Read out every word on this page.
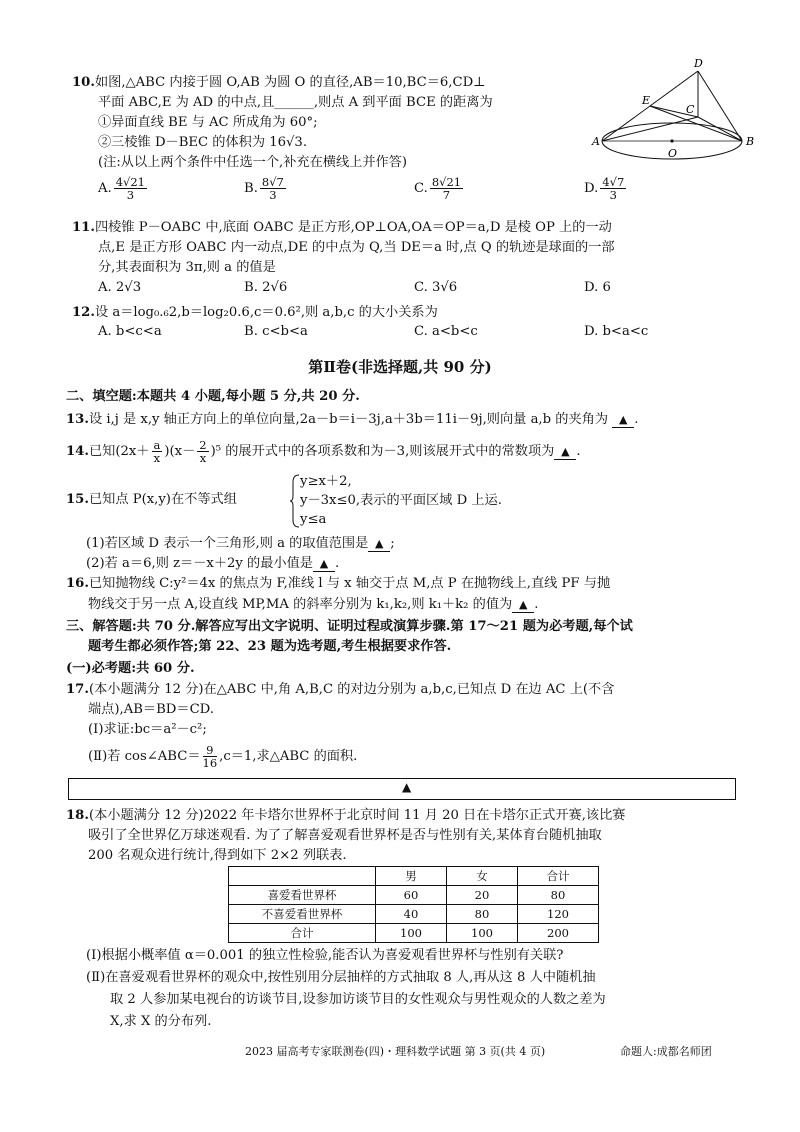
10.如图,△ABC 内接于圆 O,AB 为圆 O 的直径,AB＝10,BC＝6,CD⊥
平面 ABC,E 为 AD 的中点,且______,则点 A 到平面 BCE 的距离为
①异面直线 BE 与 AC 所成角为 60°;
②三棱锥 D－BEC 的体积为 16√3.
(注:从以上两个条件中任选一个,补充在横线上并作答)
D
E
C
A
O
B
A. $\frac{4√21}{3}$	B. $\frac{8√7}{3}$	C. $\frac{8√21}{7}$	D. $\frac{4√7}{3}$
11.四棱锥 P－OABC 中,底面 OABC 是正方形,OP⊥OA,OA＝OP＝a,D 是棱 OP 上的一动
点,E 是正方形 OABC 内一动点,DE 的中点为 Q,当 DE＝a 时,点 Q 的轨迹是球面的一部
分,其表面积为 3π,则 a 的值是
A. 2√3	B. 2√6	C. 3√6	D. 6
12.设 a＝log₀.₆2,b＝log₂0.6,c＝0.6²,则 a,b,c 的大小关系为
A. b<c<a	B. c<b<a	C. a<b<c	D. b<a<c
第Ⅱ卷(非选择题,共 90 分)
二、填空题:本题共 4 小题,每小题 5 分,共 20 分.
13.设 i,j 是 x,y 轴正方向上的单位向量,2a－b＝i－3j,a＋3b＝11i－9j,则向量 a,b 的夹角为 ▲ .
14.已知$(2x+ \frac{a}{x} )(x- \frac{2}{x} )^5$ 的展开式中的各项系数和为－3,则该展开式中的常数项为 ▲ .
15.已知点 P(x,y)在不等式组
y≥x＋2,
y－3x≤0,表示的平面区域 D 上运.
y≤a
(1)若区域 D 表示一个三角形,则 a 的取值范围是 ▲ ;
(2)若 a＝6,则 z＝－x＋2y 的最小值是 ▲ .
16.已知抛物线 C:y²＝4x 的焦点为 F,准线 l 与 x 轴交于点 M,点 P 在抛物线上,直线 PF 与抛
物线交于另一点 A,设直线 MP,MA 的斜率分别为 k₁,k₂,则 k₁＋k₂ 的值为 ▲ .
三、解答题:共 70 分.解答应写出文字说明、证明过程或演算步骤.第 17～21 题为必考题,每个试
题考生都必须作答;第 22、23 题为选考题,考生根据要求作答.
(一)必考题:共 60 分.
17.(本小题满分 12 分)在△ABC 中,角 A,B,C 的对边分别为 a,b,c,已知点 D 在边 AC 上(不含
端点),AB＝BD＝CD.
(Ⅰ)求证:bc＝a²－c²;
(Ⅱ)若 cos∠ABC＝ $\frac{9}{16} ,c=1$,求△ABC 的面积.
▲
18.(本小题满分 12 分)2022 年卡塔尔世界杯于北京时间 11 月 20 日在卡塔尔正式开赛,该比赛
吸引了全世界亿万球迷观看. 为了了解喜爱观看世界杯是否与性别有关,某体育台随机抽取
200 名观众进行统计,得到如下 2×2 列联表.
	男	女	合计
喜爱看世界杯	60	20	80
不喜爱看世界杯	40	80	120
合计	100	100	200
(Ⅰ)根据小概率值 α＝0.001 的独立性检验,能否认为喜爱观看世界杯与性别有关联?
(Ⅱ)在喜爱观看世界杯的观众中,按性别用分层抽样的方式抽取 8 人,再从这 8 人中随机抽
取 2 人参加某电视台的访谈节目,设参加访谈节目的女性观众与男性观众的人数之差为
X,求 X 的分布列.
2023 届高考专家联测卷(四)・理科数学试题 第 3 页(共 4 页)	命题人:成都名师团
